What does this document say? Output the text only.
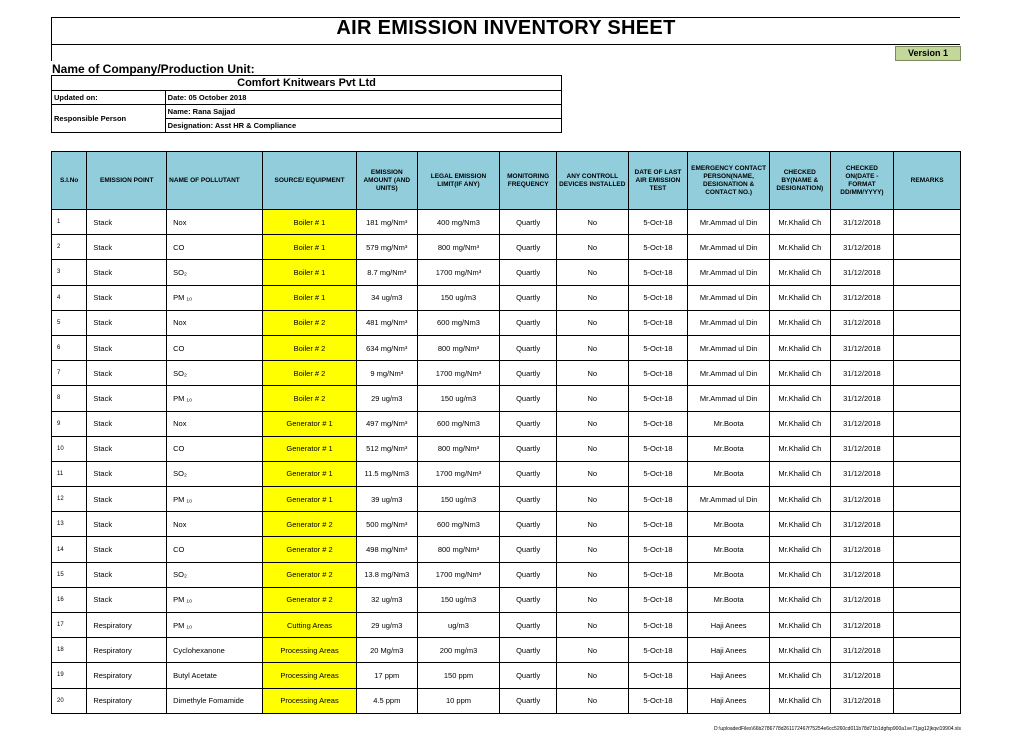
AIR EMISSION INVENTORY SHEET
Version 1
Name of Company/Production Unit:
Comfort Knitwears Pvt Ltd	
Updated on:	Date: 05 October 2018
Responsible Person	Name: Rana Sajjad
	Designation: Asst HR & Compliance
S.I.No	EMISSION POINT	NAME OF POLLUTANT	SOURCE/ EQUIPMENT	EMISSION AMOUNT (AND UNITS)	LEGAL EMISSION LIMIT(IF ANY)	MONITORING FREQUENCY	ANY CONTROLL DEVICES INSTALLED	DATE OF LAST AIR EMISSION TEST	EMERGENCY CONTACT PERSON(NAME, DESIGNATION & CONTACT NO.)	CHECKED BY(NAME & DESIGNATION)	CHECKED ON(DATE - FORMAT DD/MM/YYYY)	REMARKS
1	Stack	Nox	Boiler # 1	181 mg/Nm³	400 mg/Nm3	Quartly	No	5-Oct-18	Mr.Ammad ul Din	Mr.Khalid Ch	31/12/2018	
2	Stack	CO	Boiler # 1	579 mg/Nm³	800 mg/Nm³	Quartly	No	5-Oct-18	Mr.Ammad ul Din	Mr.Khalid Ch	31/12/2018	
3	Stack	SO₂	Boiler # 1	8.7 mg/Nm³	1700 mg/Nm³	Quartly	No	5-Oct-18	Mr.Ammad ul Din	Mr.Khalid Ch	31/12/2018	
4	Stack	PM ₁₀	Boiler # 1	34 ug/m3	150 ug/m3	Quartly	No	5-Oct-18	Mr.Ammad ul Din	Mr.Khalid Ch	31/12/2018	
5	Stack	Nox	Boiler # 2	481 mg/Nm³	600 mg/Nm3	Quartly	No	5-Oct-18	Mr.Ammad ul Din	Mr.Khalid Ch	31/12/2018	
6	Stack	CO	Boiler # 2	634 mg/Nm³	800 mg/Nm³	Quartly	No	5-Oct-18	Mr.Ammad ul Din	Mr.Khalid Ch	31/12/2018	
7	Stack	SO₂	Boiler # 2	9 mg/Nm³	1700 mg/Nm³	Quartly	No	5-Oct-18	Mr.Ammad ul Din	Mr.Khalid Ch	31/12/2018	
8	Stack	PM ₁₀	Boiler # 2	29 ug/m3	150 ug/m3	Quartly	No	5-Oct-18	Mr.Ammad ul Din	Mr.Khalid Ch	31/12/2018	
9	Stack	Nox	Generator # 1	497 mg/Nm³	600 mg/Nm3	Quartly	No	5-Oct-18	Mr.Boota	Mr.Khalid Ch	31/12/2018	
10	Stack	CO	Generator # 1	512 mg/Nm³	800 mg/Nm³	Quartly	No	5-Oct-18	Mr.Boota	Mr.Khalid Ch	31/12/2018	
11	Stack	SO₂	Generator # 1	11.5 mg/Nm3	1700 mg/Nm³	Quartly	No	5-Oct-18	Mr.Boota	Mr.Khalid Ch	31/12/2018	
12	Stack	PM ₁₀	Generator # 1	39 ug/m3	150 ug/m3	Quartly	No	5-Oct-18	Mr.Ammad ul Din	Mr.Khalid Ch	31/12/2018	
13	Stack	Nox	Generator # 2	500 mg/Nm³	600 mg/Nm3	Quartly	No	5-Oct-18	Mr.Boota	Mr.Khalid Ch	31/12/2018	
14	Stack	CO	Generator # 2	498 mg/Nm³	800 mg/Nm³	Quartly	No	5-Oct-18	Mr.Boota	Mr.Khalid Ch	31/12/2018	
15	Stack	SO₂	Generator # 2	13.8 mg/Nm3	1700 mg/Nm³	Quartly	No	5-Oct-18	Mr.Boota	Mr.Khalid Ch	31/12/2018	
16	Stack	PM ₁₀	Generator # 2	32 ug/m3	150 ug/m3	Quartly	No	5-Oct-18	Mr.Boota	Mr.Khalid Ch	31/12/2018	
17	Respiratory	PM ₁₀	Cutting Areas	29 ug/m3	ug/m3	Quartly	No	5-Oct-18	Haji Anees	Mr.Khalid Ch	31/12/2018	
18	Respiratory	Cyclohexanone	Processing Areas	20 Mg/m3	200 mg/m3	Quartly	No	5-Oct-18	Haji Anees	Mr.Khalid Ch	31/12/2018	
19	Respiratory	Butyl Acetate	Processing Areas	17 ppm	150 ppm	Quartly	No	5-Oct-18	Haji Anees	Mr.Khalid Ch	31/12/2018	
20	Respiratory	Dimethyle Fomamide	Processing Areas	4.5 ppm	10 ppm	Quartly	No	5-Oct-18	Haji Anees	Mr.Khalid Ch	31/12/2018	
D:\uploadedFiles\66b2786778d261172467f75254e6cc5260cd011b78d71b1dgfsp900a1ve71jsg12jkqvi19904.xls
